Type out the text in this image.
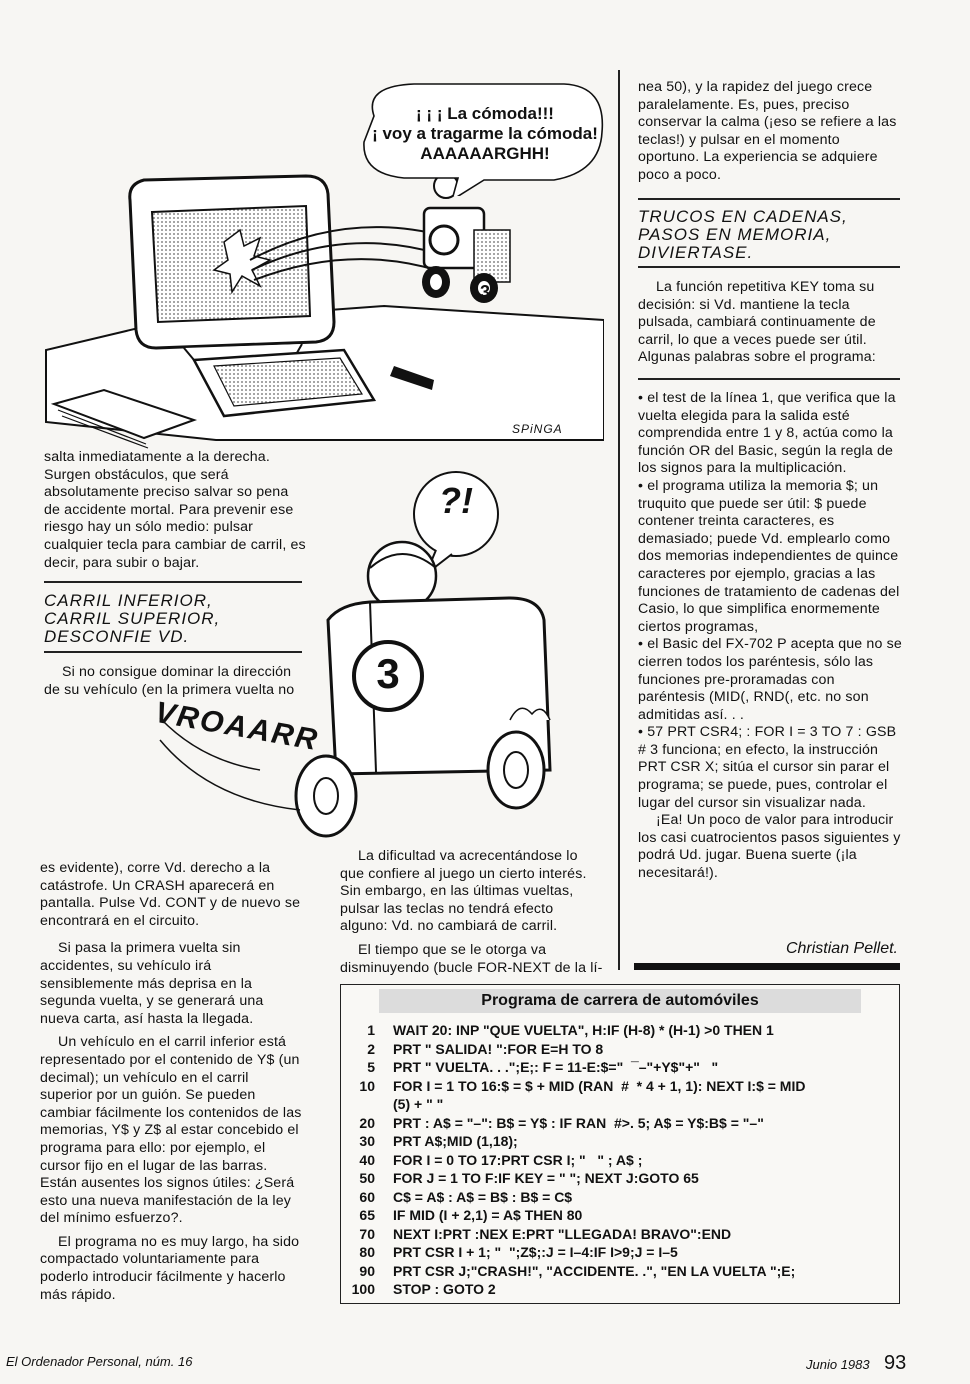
¡ ¡ ¡ La cómoda!!!
¡ voy a tragarme la cómoda!
AAAAAARGHH!
3
SPiNGA
?!
3
VROAARR

salta inmediatamente a la derecha. Surgen obstáculos, que será absolutamente preciso salvar so pena de accidente mortal. Para prevenir ese riesgo hay un sólo medio: pulsar cualquier tecla para cambiar de carril, es decir, para subir o bajar.

CARRIL INFERIOR,
CARRIL SUPERIOR,
DESCONFIE VD.

Si no consigue dominar la dirección de su vehículo (en la primera vuelta no

es evidente), corre Vd. derecho a la catástrofe. Un CRASH aparecerá en pantalla. Pulse Vd. CONT y de nuevo se encontrará en el circuito.

Si pasa la primera vuelta sin accidentes, su vehículo irá sensiblemente más deprisa en la segunda vuelta, y se generará una nueva carta, así hasta la llegada.

Un vehículo en el carril inferior está representado por el contenido de Y$ (un decimal); un vehículo en el carril superior por un guión. Se pueden cambiar fácilmente los contenidos de las memorias, Y$ y Z$ al estar concebido el programa para ello: por ejemplo, el cursor fijo en el lugar de las barras. Están ausentes los signos útiles: ¿Será esto una nueva manifestación de la ley del mínimo esfuerzo?.

El programa no es muy largo, ha sido compactado voluntariamente para poderlo introducir fácilmente y hacerlo más rápido.

La dificultad va acrecentándose lo que confiere al juego un cierto interés. Sin embargo, en las últimas vueltas, pulsar las teclas no tendrá efecto alguno: Vd. no cambiará de carril.

El tiempo que se le otorga va disminuyendo (bucle FOR-NEXT de la lí-

nea 50), y la rapidez del juego crece paralelamente. Es, pues, preciso conservar la calma (¡eso se refiere a las teclas!) y pulsar en el momento oportuno. La experiencia se adquiere poco a poco.

TRUCOS EN CADENAS,
PASOS EN MEMORIA,
DIVIERTASE.

La función repetitiva KEY toma su decisión: si Vd. mantiene la tecla pulsada, cambiará continuamente de carril, lo que a veces puede ser útil. Algunas palabras sobre el programa:

• el test de la línea 1, que verifica que la vuelta elegida para la salida esté comprendida entre 1 y 8, actúa como la función OR del Basic, según la regla de los signos para la multiplicación.

• el programa utiliza la memoria $; un truquito que puede ser útil: $ puede contener treinta caracteres, es demasiado; puede Vd. emplearlo como dos memorias independientes de quince caracteres por ejemplo, gracias a las funciones de tratamiento de cadenas del Casio, lo que simplifica enormemente ciertos programas,

• el Basic del FX-702 P acepta que no se cierren todos los paréntesis, sólo las funciones pre-proramadas con paréntesis (MID(, RND(, etc. no son admitidas así. . .

• 57 PRT CSR4; : FOR I = 3 TO 7 : GSB # 3 funciona; en efecto, la instrucción PRT CSR X; sitúa el cursor sin parar el programa; se puede, pues, controlar el lugar del cursor sin visualizar nada.

¡Ea! Un poco de valor para introducir los casi cuatrocientos pasos siguientes y podrá Ud. jugar. Buena suerte (¡la necesitará!).

Christian Pellet.
Programa de carrera de automóviles
1	WAIT 20: INP "QUE VUELTA", H:IF (H-8) * (H-1) >0 THEN 1
2	PRT " SALIDA! ":FOR E=H TO 8
5	PRT " VUELTA. . .";E;: F = 11-E:$="  ¯–"+Y$"+"   "
10	FOR I = 1 TO 16:$ = $ + MID (RAN  #  * 4 + 1, 1): NEXT I:$ = MID
(5) + " "
20	PRT : A$ = "–": B$ = Y$ : IF RAN  #>. 5; A$ = Y$:B$ = "–"
30	PRT A$;MID (1,18);
40	FOR I = 0 TO 17:PRT CSR I; "   " ; A$ ;
50	FOR J = 1 TO F:IF KEY = " "; NEXT J:GOTO 65
60	C$ = A$ : A$ = B$ : B$ = C$
65	IF MID (I + 2,1) = A$ THEN 80
70	NEXT I:PRT :NEX E:PRT "LLEGADA! BRAVO":END
80	PRT CSR I + 1; "  ";Z$;:J = I–4:IF I>9;J = I–5
90	PRT CSR J;"CRASH!", "ACCIDENTE. .", "EN LA VUELTA ";E;
100	STOP : GOTO 2
El Ordenador Personal, núm. 16	Junio 1983 93
